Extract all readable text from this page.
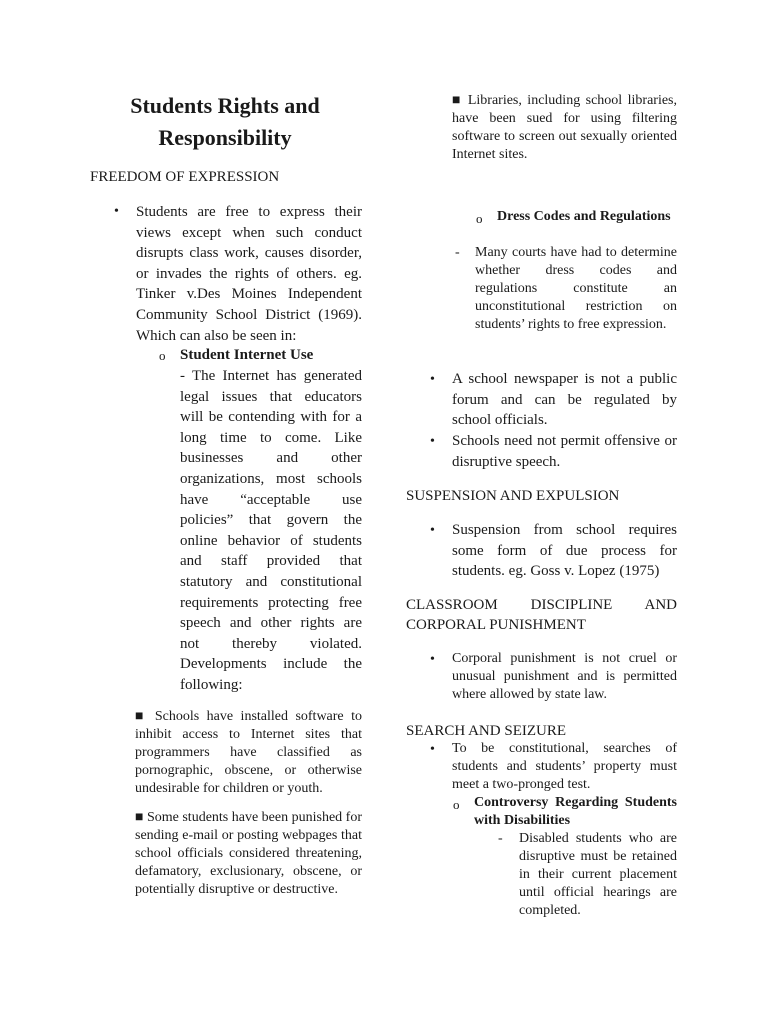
Students Rights and Responsibility
FREEDOM OF EXPRESSION
• Students are free to express their views except when such conduct disrupts class work, causes disorder, or invades the rights of others. eg. Tinker v.Des Moines Independent Community School District (1969). Which can also be seen in:
o Student Internet Use
- The Internet has generated legal issues that educators will be contending with for a long time to come. Like businesses and other organizations, most schools have “acceptable use policies” that govern the online behavior of students and staff provided that statutory and constitutional requirements protecting free speech and other rights are not thereby violated. Developments include the following:
■ Schools have installed software to inhibit access to Internet sites that programmers have classified as pornographic, obscene, or otherwise undesirable for children or youth.
■ Some students have been punished for sending e-mail or posting webpages that school officials considered threatening, defamatory, exclusionary, obscene, or potentially disruptive or destructive.
■ Libraries, including school libraries, have been sued for using filtering software to screen out sexually oriented Internet sites.
o Dress Codes and Regulations
- Many courts have had to determine whether dress codes and regulations constitute an unconstitutional restriction on students’ rights to free expression.
• A school newspaper is not a public forum and can be regulated by school officials.
• Schools need not permit offensive or disruptive speech.
SUSPENSION AND EXPULSION
• Suspension from school requires some form of due process for students. eg. Goss v. Lopez (1975)
CLASSROOM DISCIPLINE AND CORPORAL PUNISHMENT
• Corporal punishment is not cruel or unusual punishment and is permitted where allowed by state law.
SEARCH AND SEIZURE
• To be constitutional, searches of students and students’ property must meet a two-pronged test.
o Controversy Regarding Students with Disabilities
- Disabled students who are disruptive must be retained in their current placement until official hearings are completed.
